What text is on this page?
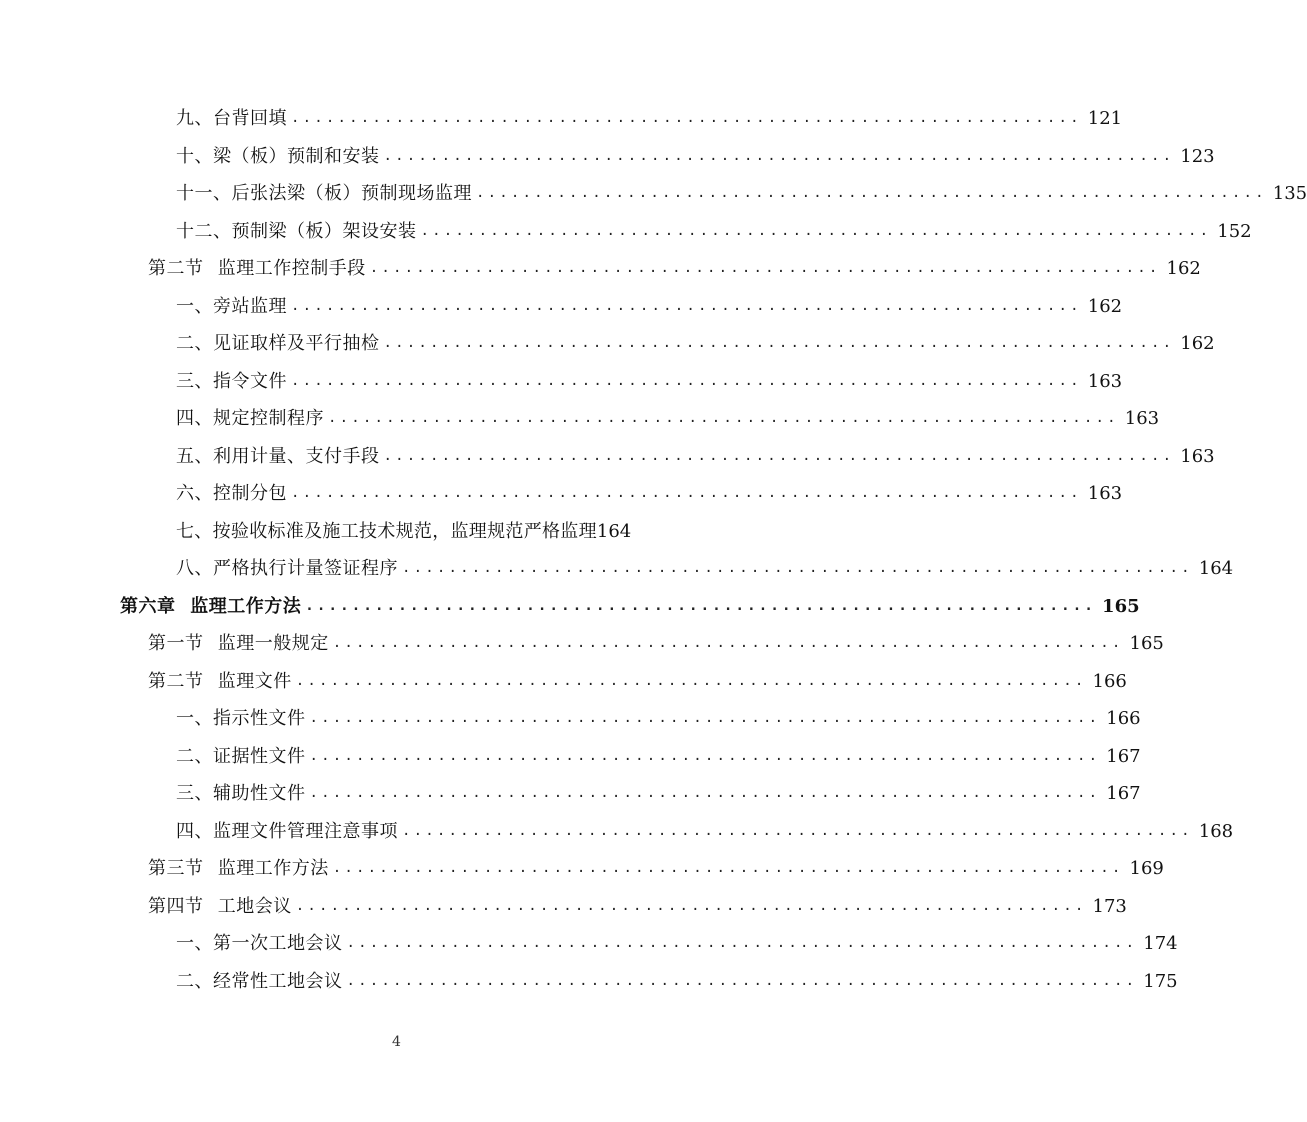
九、台背回填 .................................................................... 121
十、梁（板）预制和安装 .................................................................... 123
十一、后张法梁（板）预制现场监理 .................................................................... 135
十二、预制梁（板）架设安装 .................................................................... 152
第二节 监理工作控制手段 .................................................................... 162
一、旁站监理 .................................................................... 162
二、见证取样及平行抽检 .................................................................... 162
三、指令文件 .................................................................... 163
四、规定控制程序 .................................................................... 163
五、利用计量、支付手段 .................................................................... 163
六、控制分包 .................................................................... 163
七、按验收标准及施工技术规范，监理规范严格监理 164
八、严格执行计量签证程序 .................................................................... 164
第六章 监理工作方法 .................................................................... 165
第一节 监理一般规定 .................................................................... 165
第二节 监理文件 .................................................................... 166
一、指示性文件 .................................................................... 166
二、证据性文件 .................................................................... 167
三、辅助性文件 .................................................................... 167
四、监理文件管理注意事项 .................................................................... 168
第三节 监理工作方法 .................................................................... 169
第四节 工地会议 .................................................................... 173
一、第一次工地会议 .................................................................... 174
二、经常性工地会议 .................................................................... 175
4
